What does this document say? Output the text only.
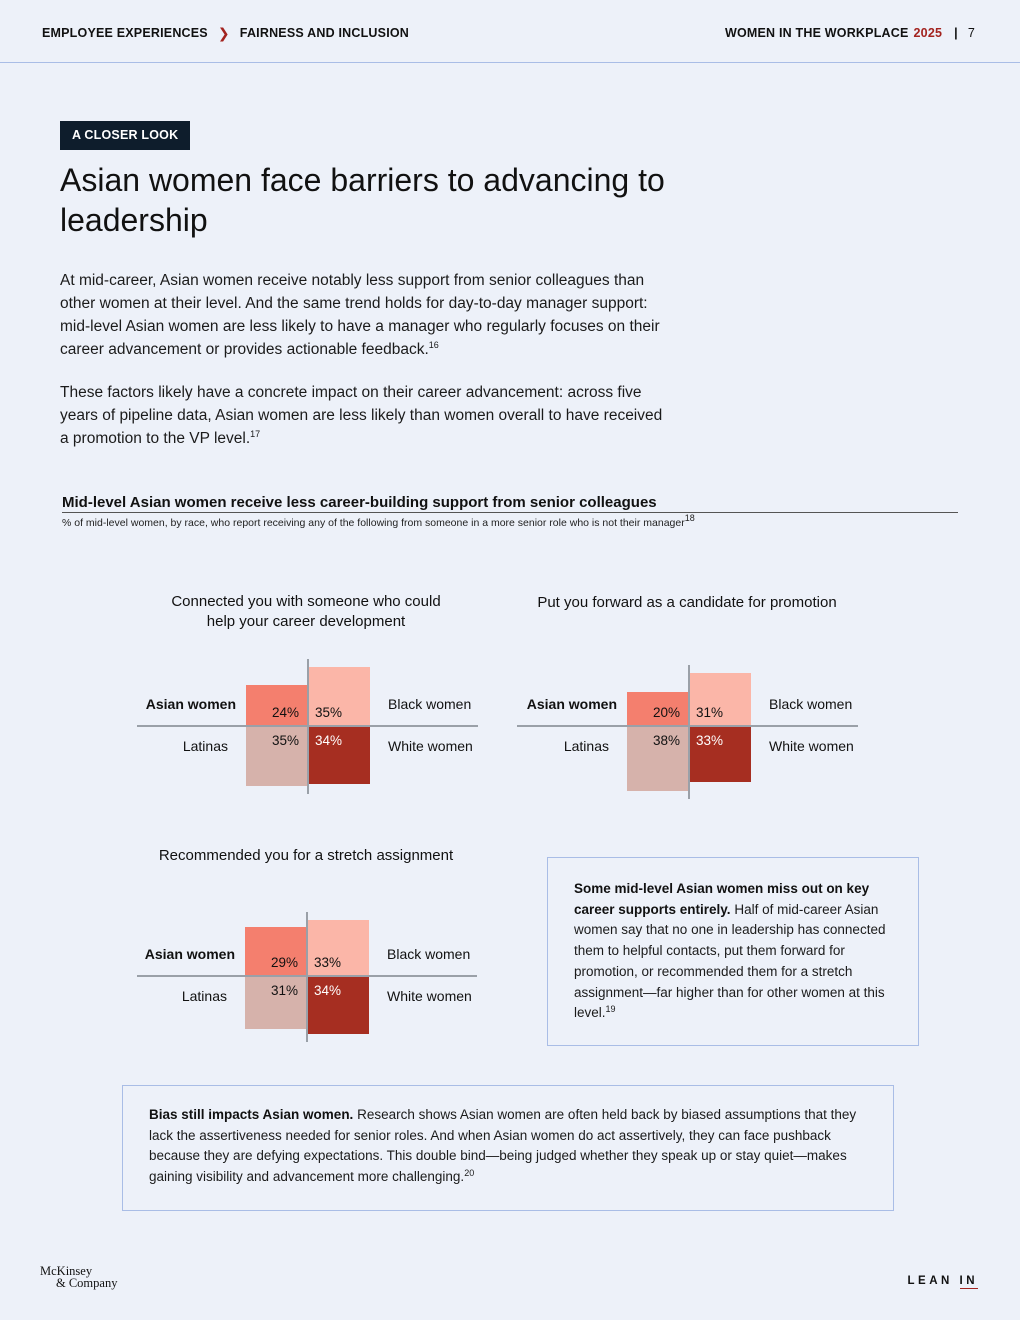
EMPLOYEE EXPERIENCES ❯ FAIRNESS AND INCLUSION	WOMEN IN THE WORKPLACE 2025 | 7
A CLOSER LOOK
Asian women face barriers to advancing to leadership

At mid-career, Asian women receive notably less support from senior colleagues than other women at their level. And the same trend holds for day-to-day manager support: mid-level Asian women are less likely to have a manager who regularly focuses on their career advancement or provides actionable feedback.$^{16}$

These factors likely have a concrete impact on their career advancement: across five years of pipeline data, Asian women are less likely than women overall to have received a promotion to the VP level.$^{17}$

Mid-level Asian women receive less career-building support from senior colleagues
% of mid-level women, by race, who report receiving any of the following from someone in a more senior role who is not their manager$^{18}$
Connected you with someone who could help your career development
24% 35%
35% 34%
Asian women	Black women
Latinas	White women
Put you forward as a candidate for promotion
20% 31%
38% 33%
Asian women	Black women
Latinas	White women
Recommended you for a stretch assignment
29% 33%
31% 34%
Asian women	Black women
Latinas	White women
Some mid-level Asian women miss out on key career supports entirely. Half of mid-career Asian women say that no one in leadership has connected them to helpful contacts, put them forward for promotion, or recommended them for a stretch assignment—far higher than for other women at this level.$^{19}$
Bias still impacts Asian women. Research shows Asian women are often held back by biased assumptions that they lack the assertiveness needed for senior roles. And when Asian women do act assertively, they can face pushback because they are defying expectations. This double bind—being judged whether they speak up or stay quiet—makes gaining visibility and advancement more challenging.$^{20}$
McKinsey
& Company	LEAN IN
